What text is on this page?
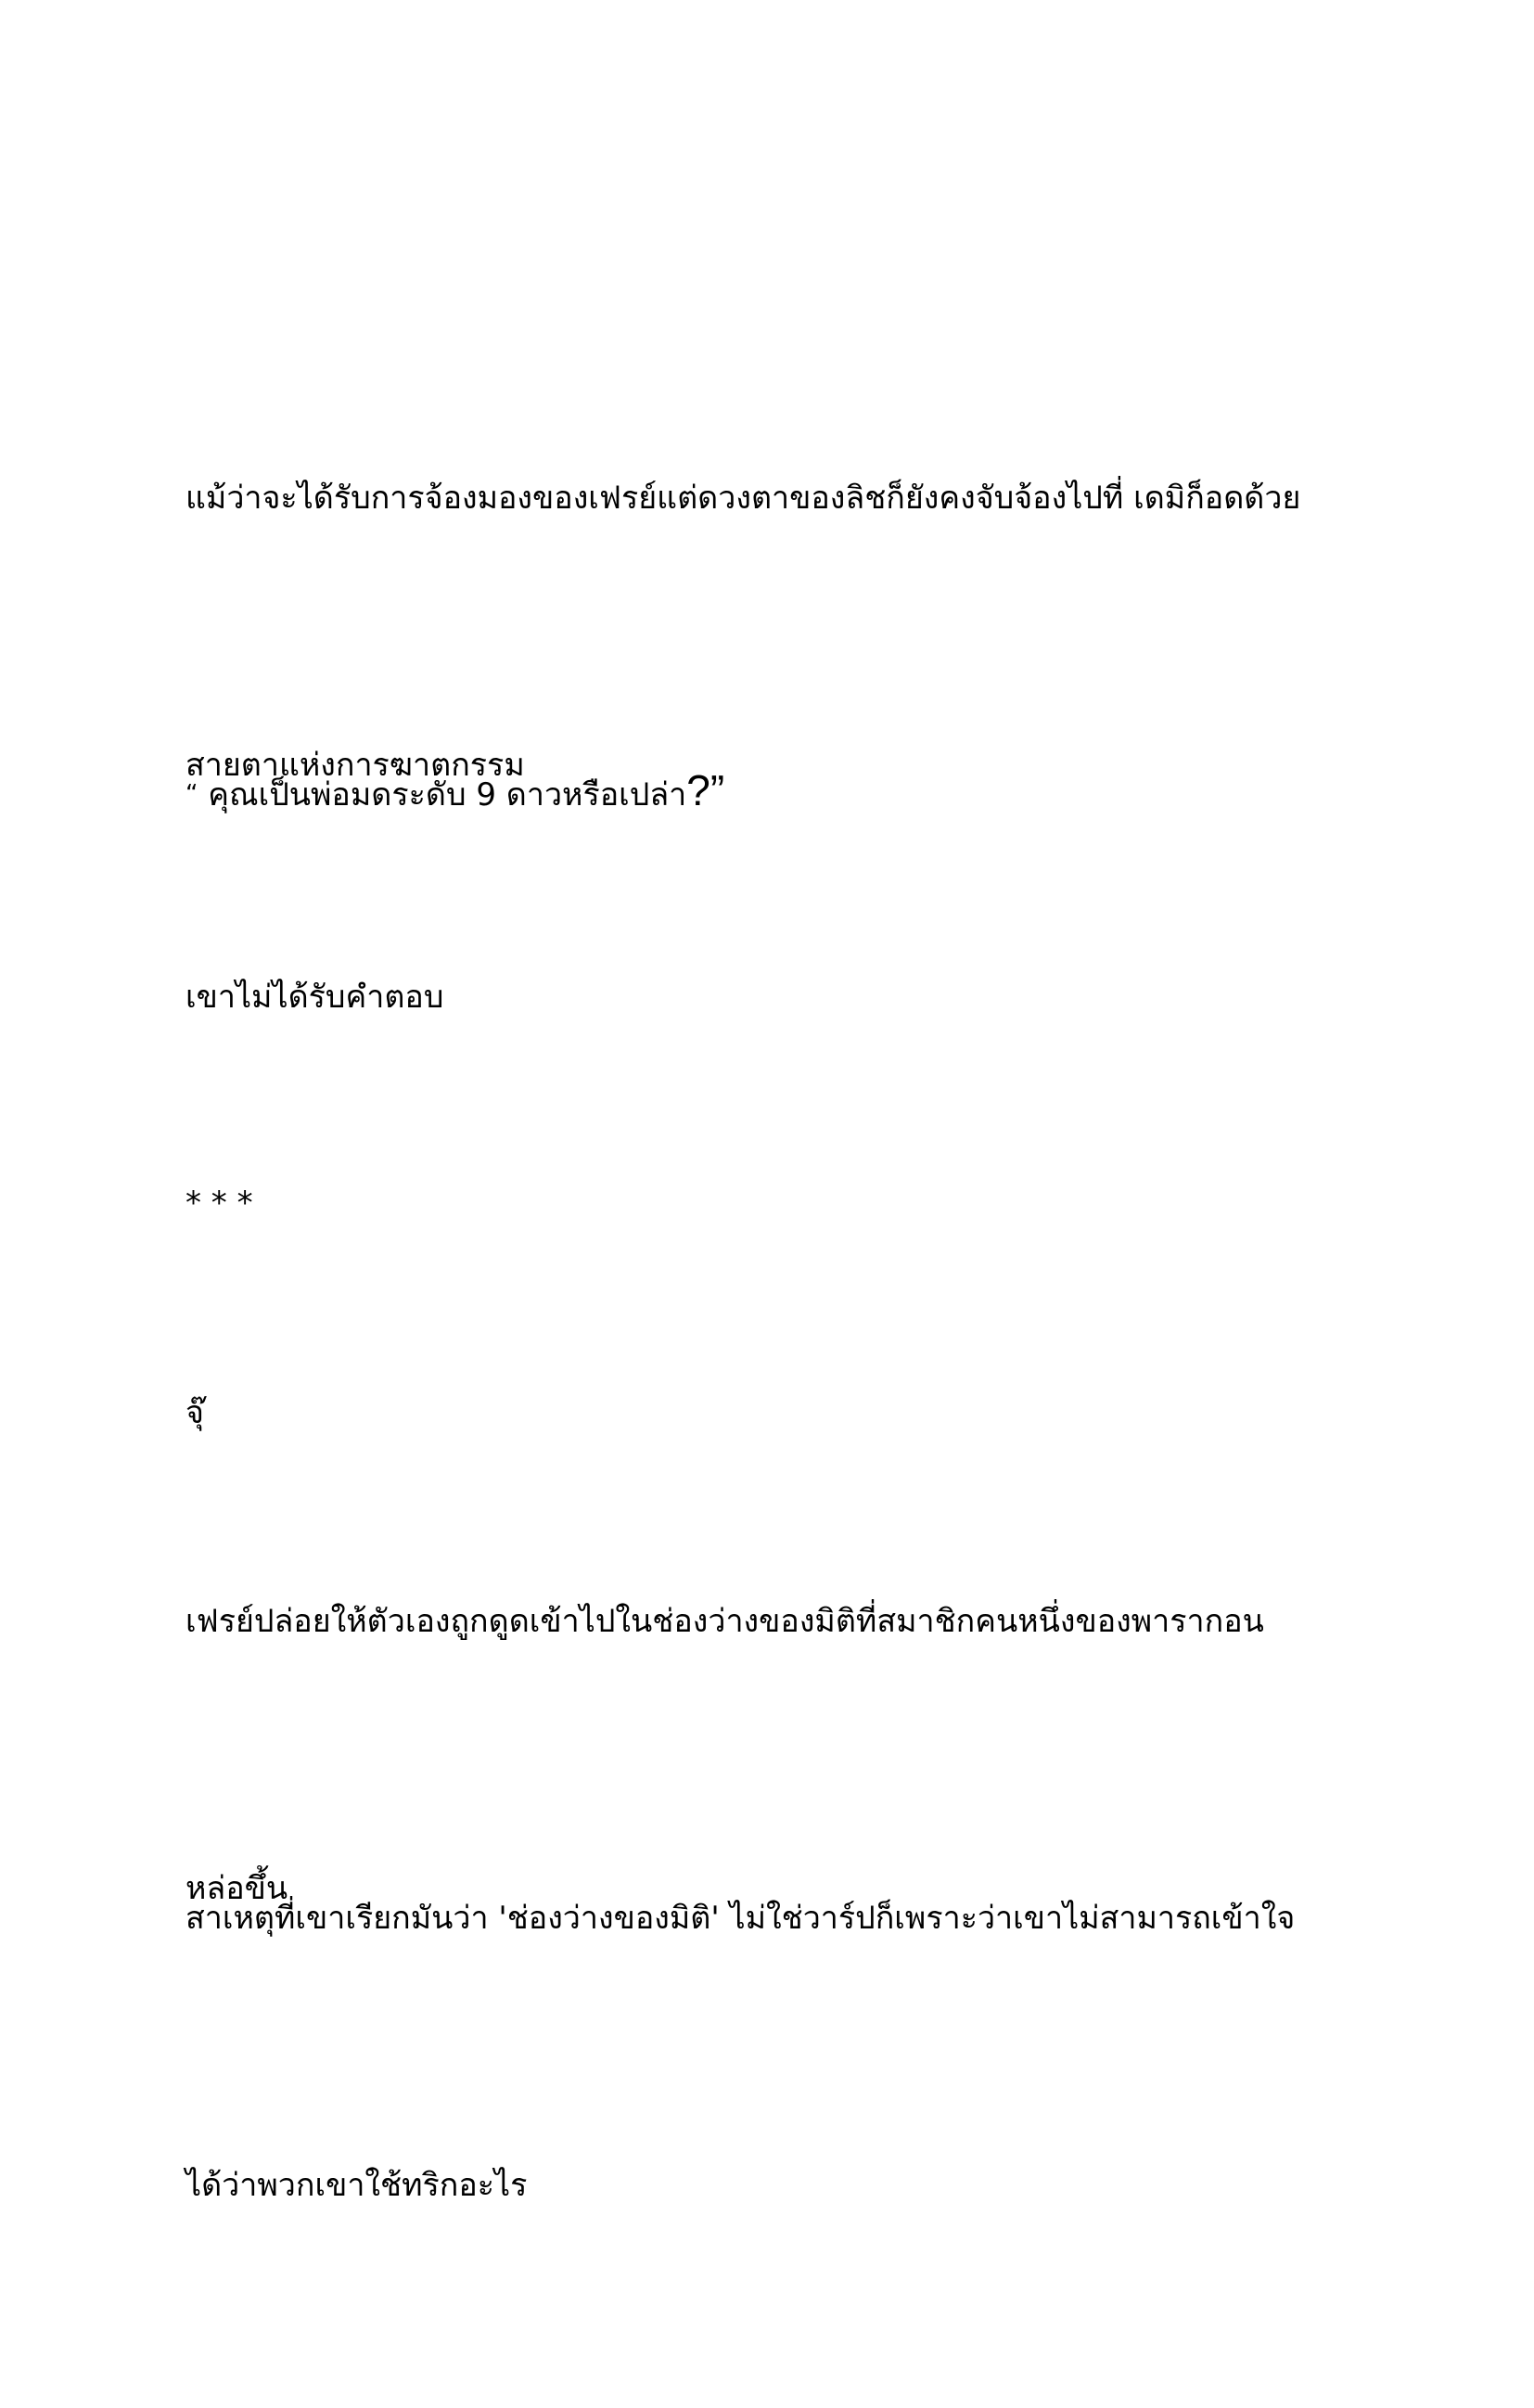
แม้ว่าจะได้รับการจ้องมองของเฟรย์แต่ดวงตาของลิชก็ยังคงจับจ้องไปที่ เดมิก็อดด้วย

สายตาแห่งการฆาตกรรม

“ คุณเป็นพ่อมดระดับ 9 ดาวหรือเปล่า?”

เขาไม่ได้รับคำตอบ

* * *

จุ๊

เฟรย์ปล่อยให้ตัวเองถูกดูดเข้าไปในช่องว่างของมิติที่สมาชิกคนหนึ่งของพารากอน

หล่อขึ้น

สาเหตุที่เขาเรียกมันว่า 'ช่องว่างของมิติ' ไม่ใช่วาร์ปก็เพราะว่าเขาไม่สามารถเข้าใจ

ได้ว่าพวกเขาใช้ทริกอะไร
